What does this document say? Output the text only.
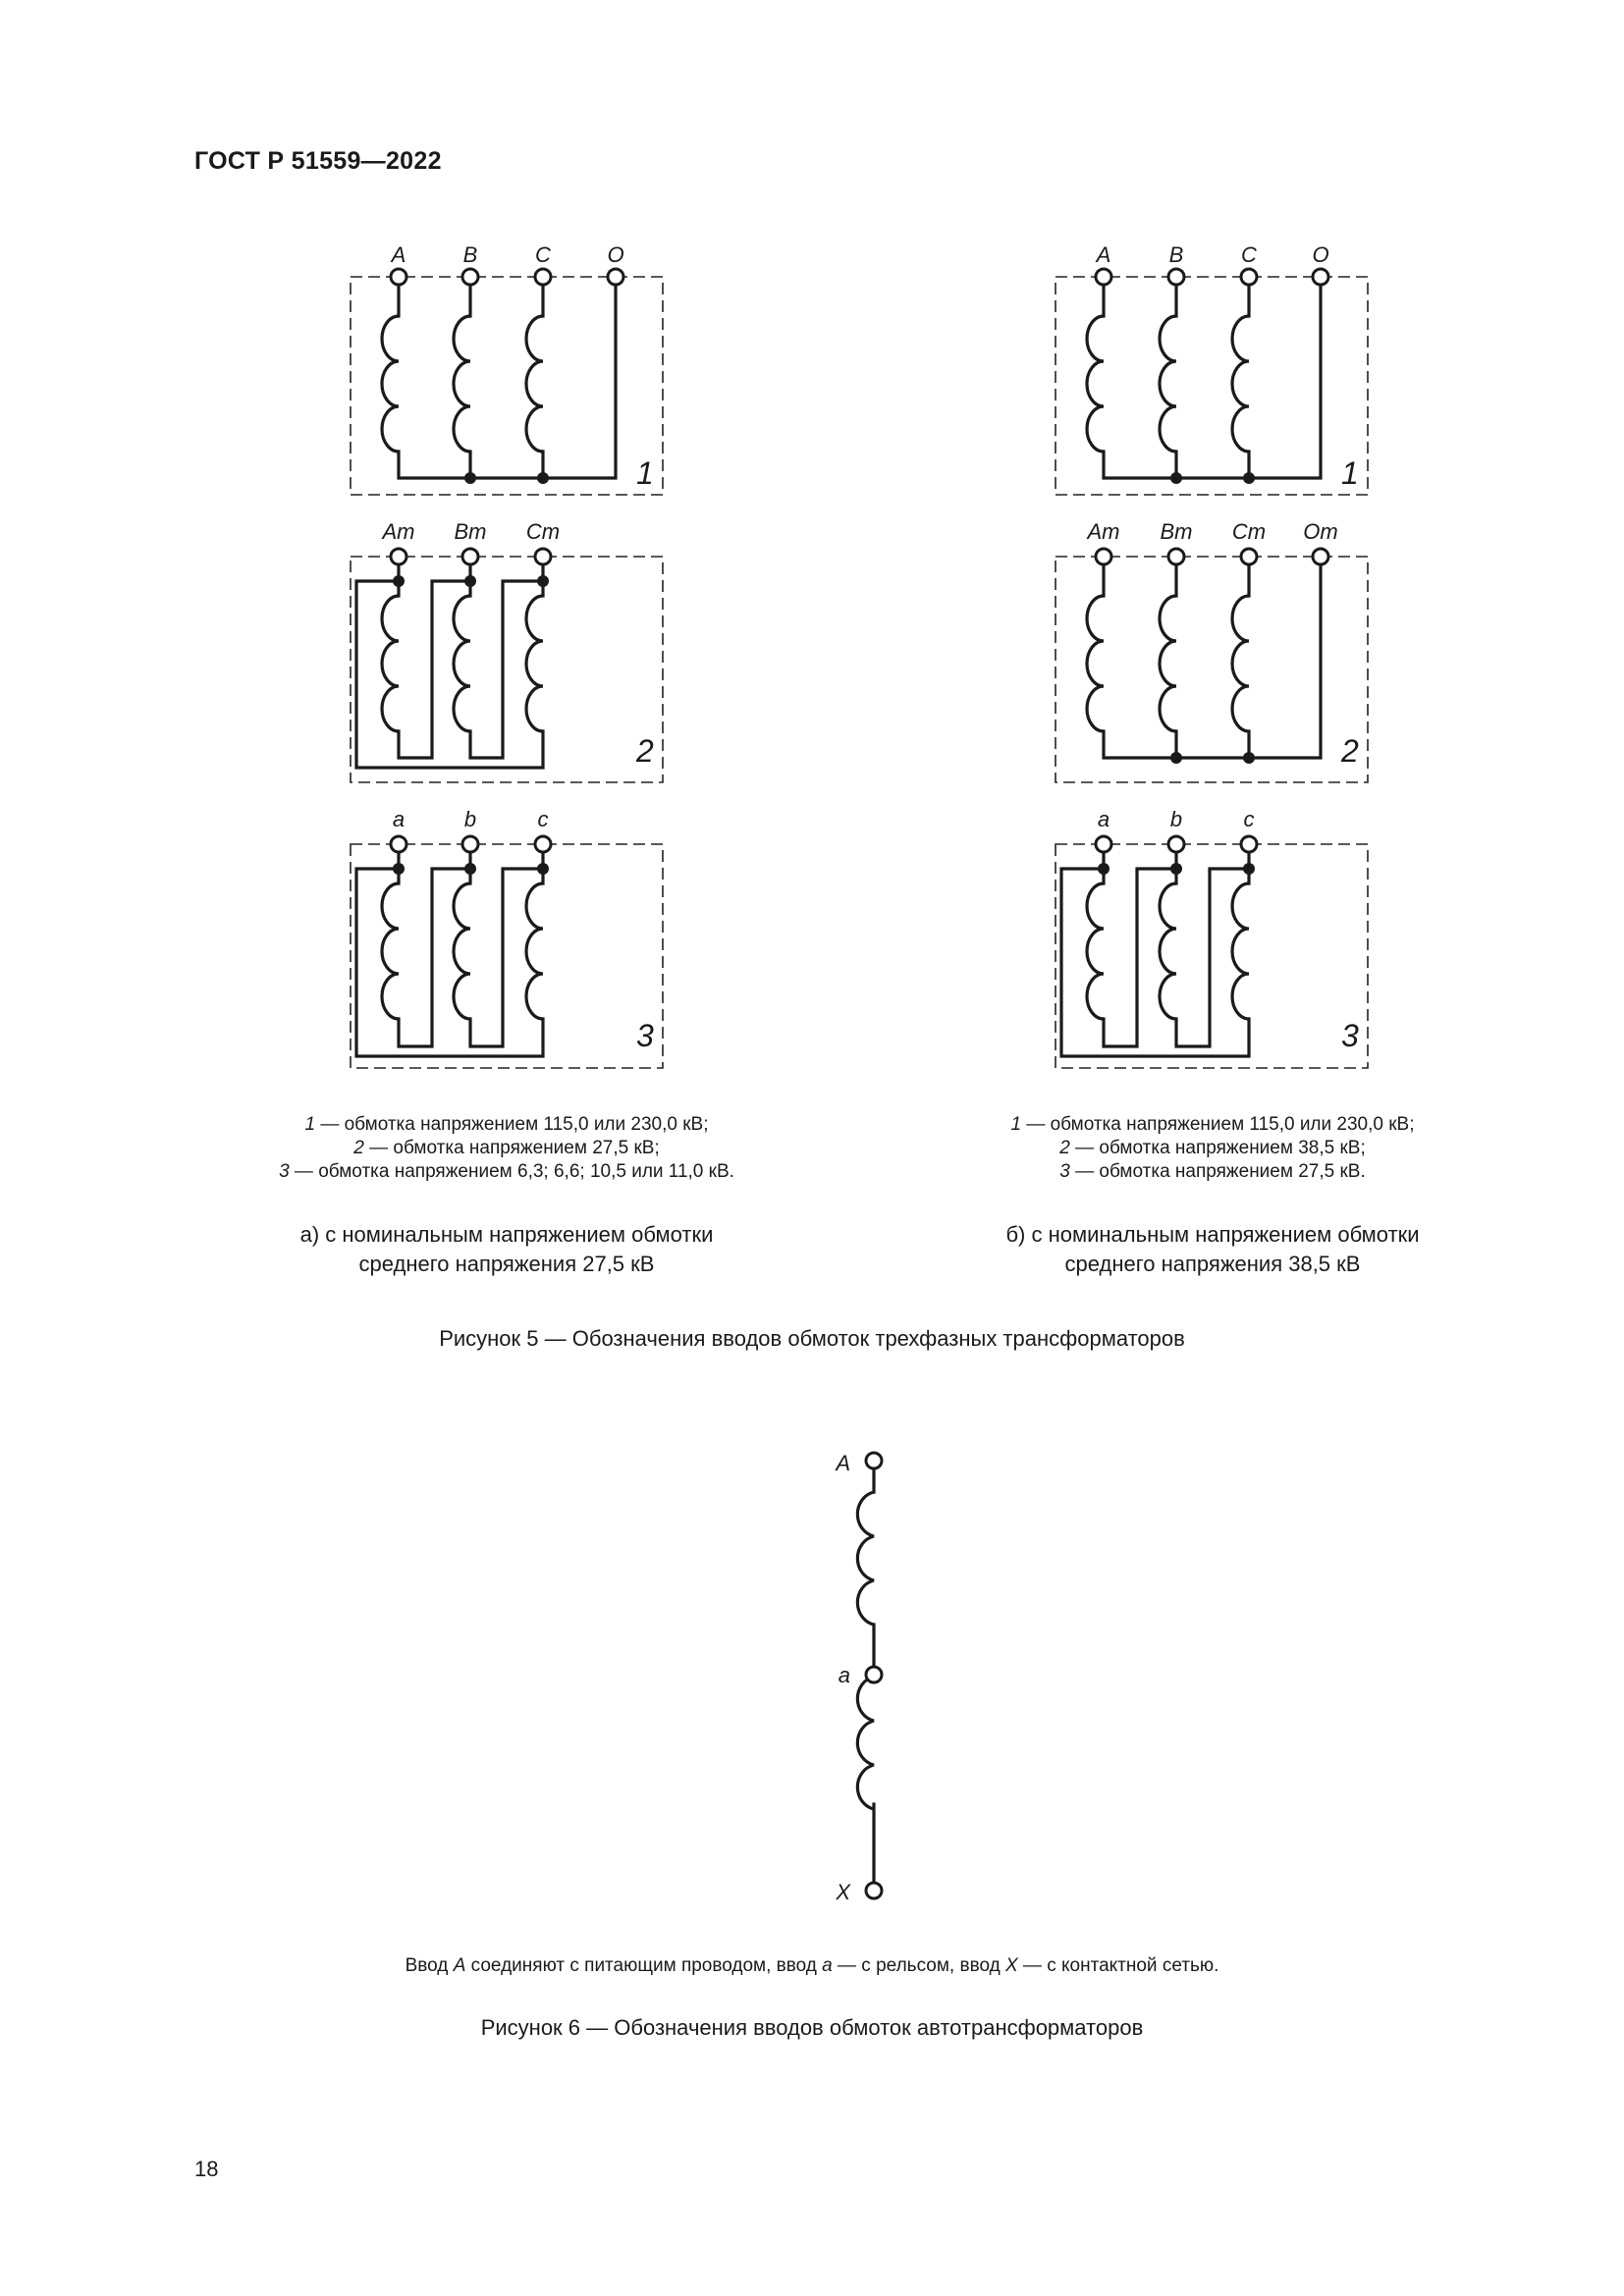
ГОСТ Р 51559—2022
A	B	C	O
1
Am Bm Cm
2
a	b	c
3
A	B	C	O
1
Am Bm Cm Om
2
a	b	c
3
A
a
X
1 — обмотка напряжением 115,0 или 230,0 кВ;
2 — обмотка напряжением 27,5 кВ;
3 — обмотка напряжением 6,3; 6,6; 10,5 или 11,0 кВ.
1 — обмотка напряжением 115,0 или 230,0 кВ;
2 — обмотка напряжением 38,5 кВ;
3 — обмотка напряжением 27,5 кВ.
а) с номинальным напряжением обмотки
среднего напряжения 27,5 кВ
б) с номинальным напряжением обмотки
среднего напряжения 38,5 кВ
Рисунок 5 — Обозначения вводов обмоток трехфазных трансформаторов
Ввод A соединяют с питающим проводом, ввод a — с рельсом, ввод X — с контактной сетью.
Рисунок 6 — Обозначения вводов обмоток автотрансформаторов
18
